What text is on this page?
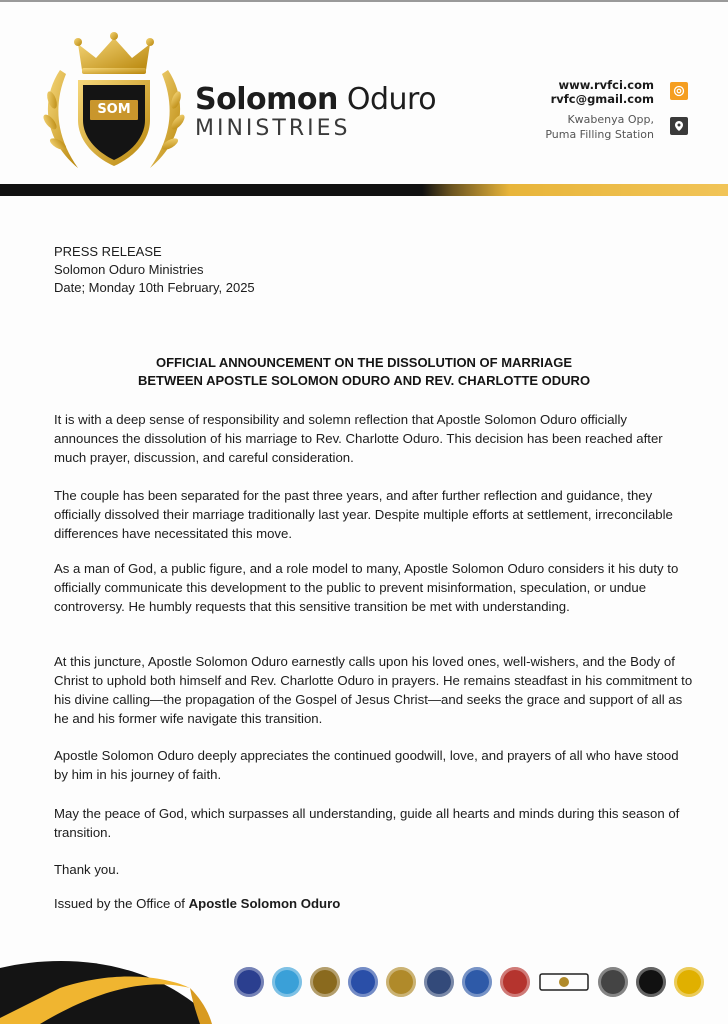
SOM Solomon Oduro
MINISTRIES
www.rvfci.com
rvfc@gmail.com
Kwabenya Opp,
Puma Filling Station
PRESS RELEASE
Solomon Oduro Ministries
Date; Monday 10th February, 2025
OFFICIAL ANNOUNCEMENT ON THE DISSOLUTION OF MARRIAGE
BETWEEN APOSTLE SOLOMON ODURO AND REV. CHARLOTTE ODURO

It is with a deep sense of responsibility and solemn reflection that Apostle Solomon Oduro officially announces the dissolution of his marriage to Rev. Charlotte Oduro. This decision has been reached after much prayer, discussion, and careful consideration.

The couple has been separated for the past three years, and after further reflection and guidance, they officially dissolved their marriage traditionally last year. Despite multiple efforts at settlement, irreconcilable differences have necessitated this move.

As a man of God, a public figure, and a role model to many, Apostle Solomon Oduro considers it his duty to officially communicate this development to the public to prevent misinformation, speculation, or undue controversy. He humbly requests that this sensitive transition be met with understanding.

At this juncture, Apostle Solomon Oduro earnestly calls upon his loved ones, well-wishers, and the Body of Christ to uphold both himself and Rev. Charlotte Oduro in prayers. He remains steadfast in his commitment to his divine calling—the propagation of the Gospel of Jesus Christ—and seeks the grace and support of all as he and his former wife navigate this transition.

Apostle Solomon Oduro deeply appreciates the continued goodwill, love, and prayers of all who have stood by him in his journey of faith.

May the peace of God, which surpasses all understanding, guide all hearts and minds during this season of transition.

Thank you.

Issued by the Office of Apostle Solomon Oduro
